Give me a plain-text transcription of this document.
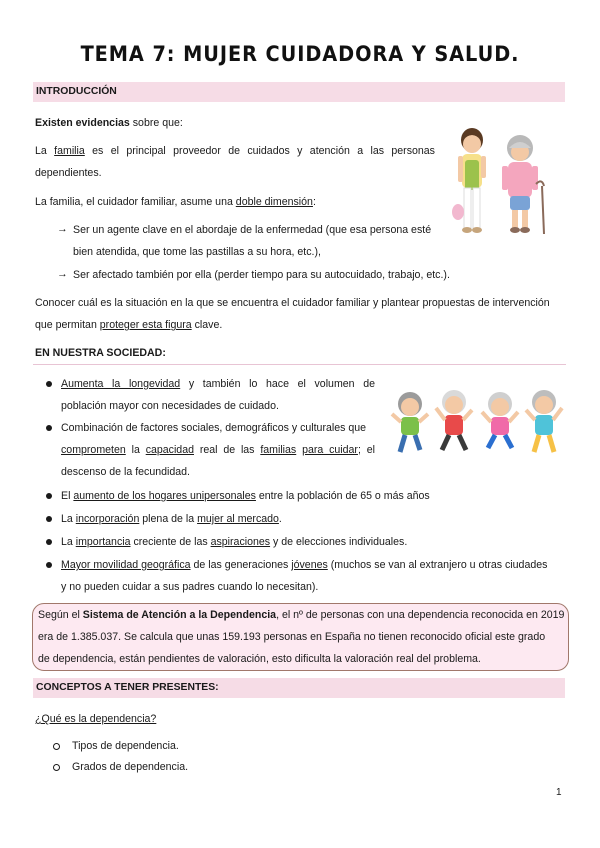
TEMA 7: MUJER CUIDADORA Y SALUD.
INTRODUCCIÓN
Existen evidencias sobre que:
La familia es el principal proveedor de cuidados y atención a las personas
dependientes.
La familia, el cuidador familiar, asume una doble dimensión:
→ Ser un agente clave en el abordaje de la enfermedad (que esa persona esté
bien atendida, que tome las pastillas a su hora, etc.),
→ Ser afectado también por ella (perder tiempo para su autocuidado, trabajo, etc.).
Conocer cuál es la situación en la que se encuentra el cuidador familiar y plantear propuestas de intervención
que permitan proteger esta figura clave.
EN NUESTRA SOCIEDAD:
Aumenta la longevidad y también lo hace el volumen de
población mayor con necesidades de cuidado.
Combinación de factores sociales, demográficos y culturales que
comprometen la capacidad real de las familias para cuidar; el
descenso de la fecundidad.
El aumento de los hogares unipersonales entre la población de 65 o más años
La incorporación plena de la mujer al mercado.
La importancia creciente de las aspiraciones y de elecciones individuales.
Mayor movilidad geográfica de las generaciones jóvenes (muchos se van al extranjero u otras ciudades
y no pueden cuidar a sus padres cuando lo necesitan).
Según el Sistema de Atención a la Dependencia, el nº de personas con una dependencia reconocida en 2019
era de 1.385.037. Se calcula que unas 159.193 personas en España no tienen reconocido oficial este grado
de dependencia, están pendientes de valoración, esto dificulta la valoración real del problema.
CONCEPTOS A TENER PRESENTES:
¿Qué es la dependencia?
Tipos de dependencia.
Grados de dependencia.
1
